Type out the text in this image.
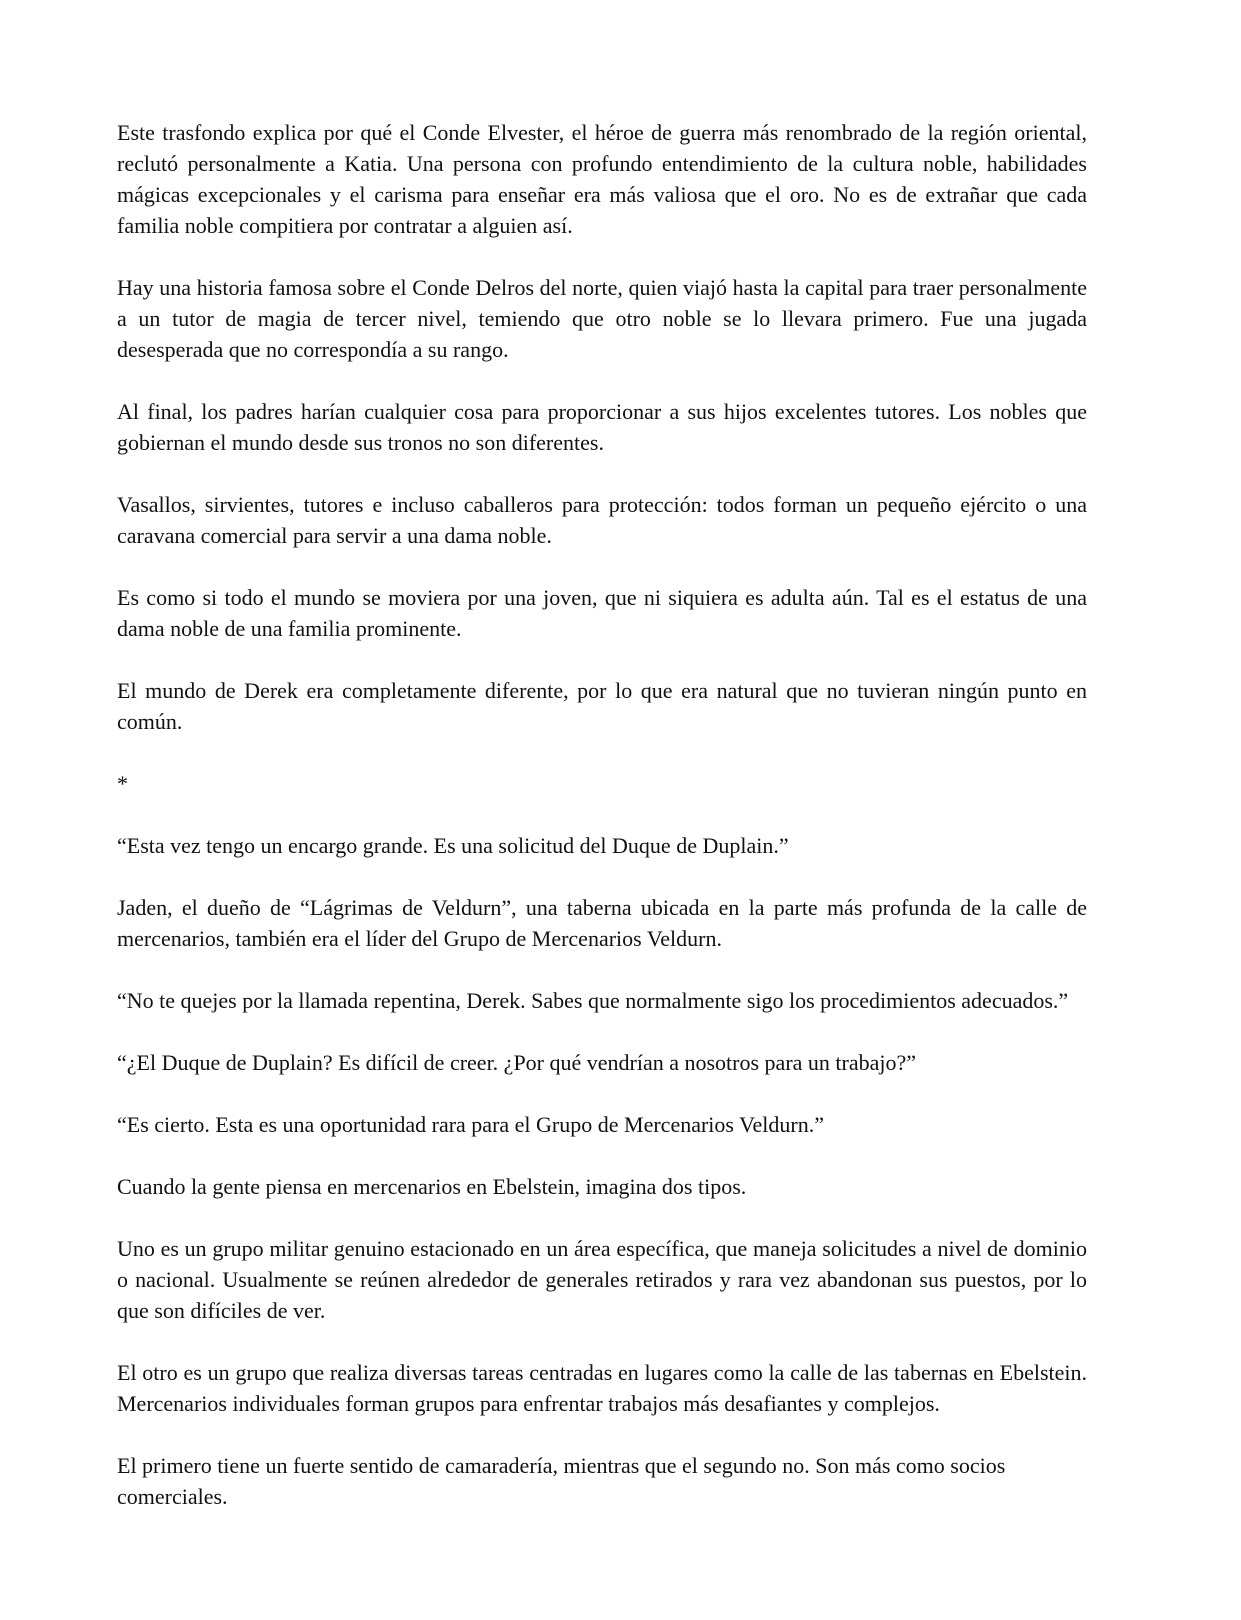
Este trasfondo explica por qué el Conde Elvester, el héroe de guerra más renombrado de la región oriental, reclutó personalmente a Katia. Una persona con profundo entendimiento de la cultura noble, habilidades mágicas excepcionales y el carisma para enseñar era más valiosa que el oro. No es de extrañar que cada familia noble compitiera por contratar a alguien así.

Hay una historia famosa sobre el Conde Delros del norte, quien viajó hasta la capital para traer personalmente a un tutor de magia de tercer nivel, temiendo que otro noble se lo llevara primero. Fue una jugada desesperada que no correspondía a su rango.

Al final, los padres harían cualquier cosa para proporcionar a sus hijos excelentes tutores. Los nobles que gobiernan el mundo desde sus tronos no son diferentes.

Vasallos, sirvientes, tutores e incluso caballeros para protección: todos forman un pequeño ejército o una caravana comercial para servir a una dama noble.

Es como si todo el mundo se moviera por una joven, que ni siquiera es adulta aún. Tal es el estatus de una dama noble de una familia prominente.

El mundo de Derek era completamente diferente, por lo que era natural que no tuvieran ningún punto en común.

*

“Esta vez tengo un encargo grande. Es una solicitud del Duque de Duplain.”

Jaden, el dueño de “Lágrimas de Veldurn”, una taberna ubicada en la parte más profunda de la calle de mercenarios, también era el líder del Grupo de Mercenarios Veldurn.

“No te quejes por la llamada repentina, Derek. Sabes que normalmente sigo los procedimientos adecuados.”

“¿El Duque de Duplain? Es difícil de creer. ¿Por qué vendrían a nosotros para un trabajo?”

“Es cierto. Esta es una oportunidad rara para el Grupo de Mercenarios Veldurn.”

Cuando la gente piensa en mercenarios en Ebelstein, imagina dos tipos.

Uno es un grupo militar genuino estacionado en un área específica, que maneja solicitudes a nivel de dominio o nacional. Usualmente se reúnen alrededor de generales retirados y rara vez abandonan sus puestos, por lo que son difíciles de ver.

El otro es un grupo que realiza diversas tareas centradas en lugares como la calle de las tabernas en Ebelstein. Mercenarios individuales forman grupos para enfrentar trabajos más desafiantes y complejos.

El primero tiene un fuerte sentido de camaradería, mientras que el segundo no. Son más como socios comerciales.
